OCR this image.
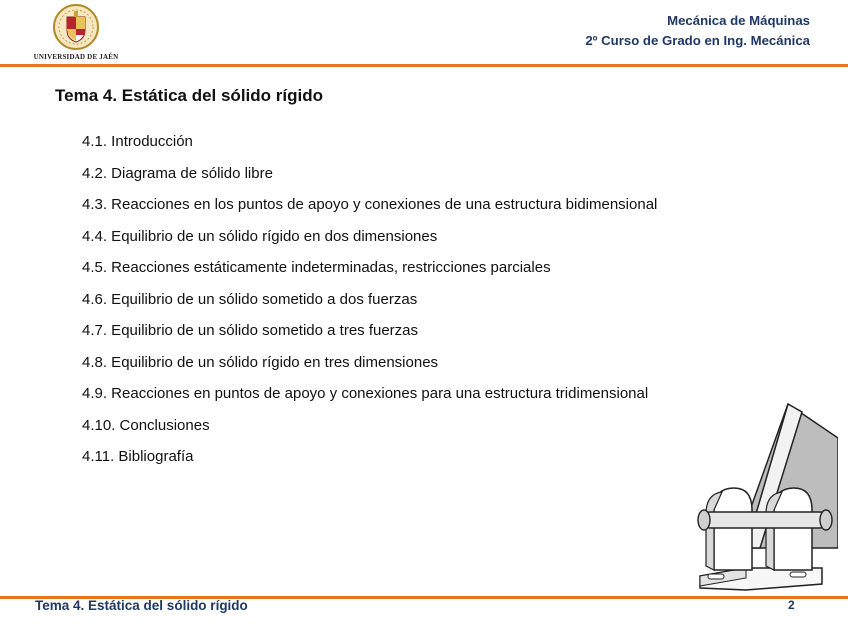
UNIVERSIDAD DE JAÉN
Mecánica de Máquinas
2º Curso de Grado en Ing. Mecánica
Tema 4. Estática del sólido rígido
4.1. Introducción
4.2. Diagrama de sólido libre
4.3. Reacciones en los puntos de apoyo y conexiones de una estructura bidimensional
4.4. Equilibrio de un sólido rígido en dos dimensiones
4.5. Reacciones estáticamente indeterminadas, restricciones parciales
4.6. Equilibrio de un sólido sometido a dos fuerzas
4.7. Equilibrio de un sólido sometido a tres fuerzas
4.8. Equilibrio de un sólido rígido en tres dimensiones
4.9. Reacciones en puntos de apoyo y conexiones para una estructura tridimensional
4.10. Conclusiones
4.11. Bibliografía
Tema 4. Estática del sólido rígido	2
